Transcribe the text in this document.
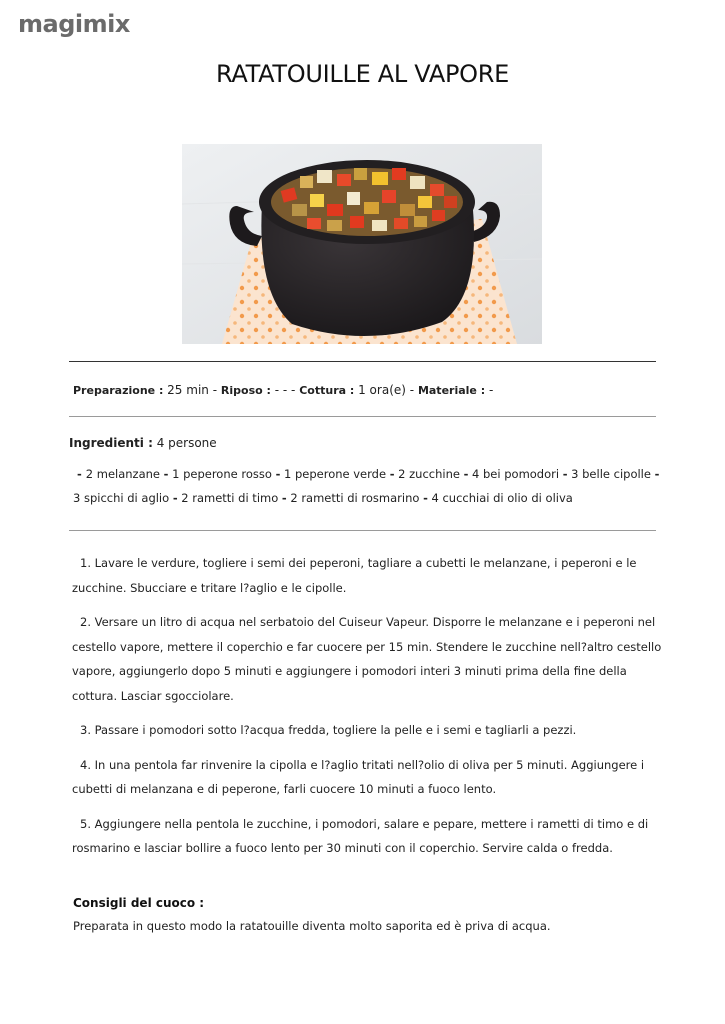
magimix
RATATOUILLE AL VAPORE
Preparazione : 25 min - Riposo : - - - Cottura : 1 ora(e) - Materiale : -
Ingredienti : 4 persone
- 2 melanzane - 1 peperone rosso - 1 peperone verde - 2 zucchine - 4 bei pomodori - 3 belle cipolle - 3 spicchi di aglio - 2 rametti di timo - 2 rametti di rosmarino - 4 cucchiai di olio di oliva

1. Lavare le verdure, togliere i semi dei peperoni, tagliare a cubetti le melanzane, i peperoni e le zucchine. Sbucciare e tritare l?aglio e le cipolle.

2. Versare un litro di acqua nel serbatoio del Cuiseur Vapeur. Disporre le melanzane e i peperoni nel cestello vapore, mettere il coperchio e far cuocere per 15 min. Stendere le zucchine nell?altro cestello vapore, aggiungerlo dopo 5 minuti e aggiungere i pomodori interi 3 minuti prima della fine della cottura. Lasciar sgocciolare.

3. Passare i pomodori sotto l?acqua fredda, togliere la pelle e i semi e tagliarli a pezzi.

4. In una pentola far rinvenire la cipolla e l?aglio tritati nell?olio di oliva per 5 minuti. Aggiungere i cubetti di melanzana e di peperone, farli cuocere 10 minuti a fuoco lento.

5. Aggiungere nella pentola le zucchine, i pomodori, salare e pepare, mettere i rametti di timo e di rosmarino e lasciar bollire a fuoco lento per 30 minuti con il coperchio. Servire calda o fredda.

Consigli del cuoco :
Preparata in questo modo la ratatouille diventa molto saporita ed è priva di acqua.
